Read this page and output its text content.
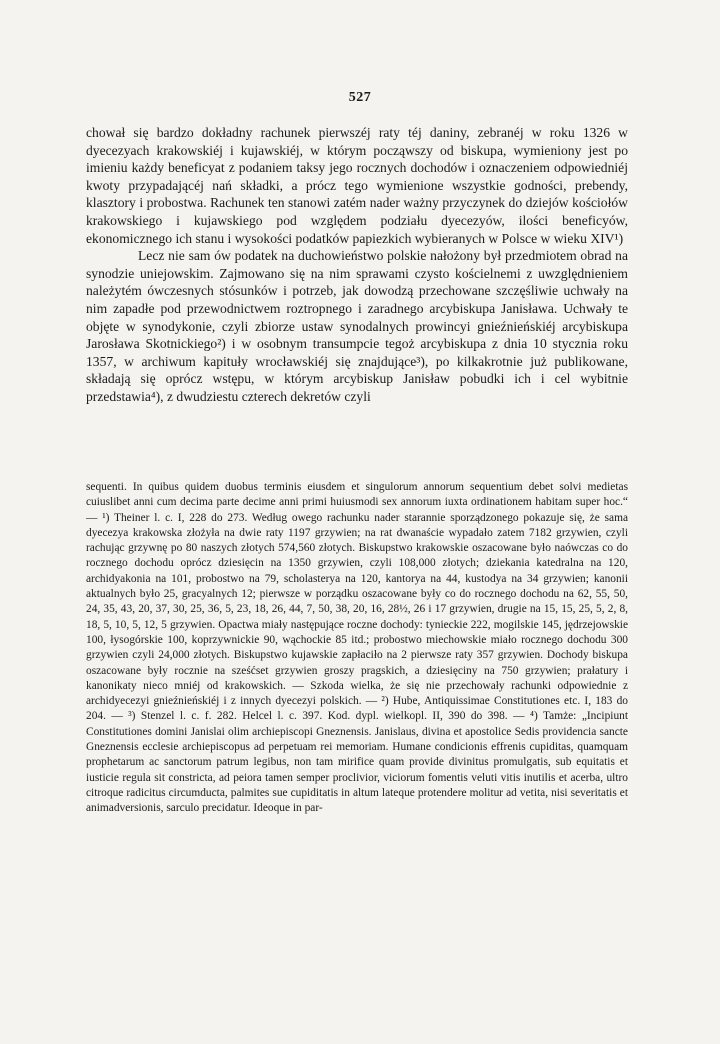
527

chował się bardzo dokładny rachunek pierwszéj raty téj daniny, zebranéj w roku 1326 w dyecezyach krakowskiéj i kujawskiéj, w którym począwszy od biskupa, wymieniony jest po imieniu każdy beneficyat z podaniem taksy jego rocznych dochodów i oznaczeniem odpowiedniéj kwoty przypadającéj nań składki, a prócz tego wymienione wszystkie godności, prebendy, klasztory i probostwa. Rachunek ten stanowi zatém nader ważny przyczynek do dziejów kościołów krakowskiego i kujawskiego pod względem podziału dyecezyów, ilości beneficyów, ekonomicznego ich stanu i wysokości podatków papiezkich wybieranych w Polsce w wieku XIV¹)

Lecz nie sam ów podatek na duchowieństwo polskie nałożony był przedmiotem obrad na synodzie uniejowskim. Zajmowano się na nim sprawami czysto kościelnemi z uwzględnieniem należytém ówczesnych stósunków i potrzeb, jak dowodzą przechowane szczęśliwie uchwały na nim zapadłe pod przewodnictwem roztropnego i zaradnego arcybiskupa Janisława. Uchwały te objęte w synodykonie, czyli zbiorze ustaw synodalnych prowincyi gnieźnieńskiéj arcybiskupa Jarosława Skotnickiego²) i w osobnym transumpcie tegoż arcybiskupa z dnia 10 stycznia roku 1357, w archiwum kapituły wrocławskiéj się znajdujące³), po kilkakrotnie już publikowane, składają się oprócz wstępu, w którym arcybiskup Janisław pobudki ich i cel wybitnie przedstawia⁴), z dwudziestu czterech dekretów czyli

sequenti. In quibus quidem duobus terminis eiusdem et singulorum annorum sequentium debet solvi medietas cuiuslibet anni cum decima parte decime anni primi huiusmodi sex annorum iuxta ordinationem habitam super hoc.“ — ¹) Theiner l. c. I, 228 do 273. Według owego rachunku nader starannie sporządzonego pokazuje się, że sama dyecezya krakowska złożyła na dwie raty 1197 grzywien; na rat dwanaście wypadało zatem 7182 grzywien, czyli rachując grzywnę po 80 naszych złotych 574,560 złotych. Biskupstwo krakowskie oszacowane było naówczas co do rocznego dochodu oprócz dziesięcin na 1350 grzywien, czyli 108,000 złotych; dziekania katedralna na 120, archidyakonia na 101, probostwo na 79, scholasterya na 120, kantorya na 44, kustodya na 34 grzywien; kanonii aktualnych było 25, gracyalnych 12; pierwsze w porządku oszacowane były co do rocznego dochodu na 62, 55, 50, 24, 35, 43, 20, 37, 30, 25, 36, 5, 23, 18, 26, 44, 7, 50, 38, 20, 16, 28½, 26 i 17 grzywien, drugie na 15, 15, 25, 5, 2, 8, 18, 5, 10, 5, 12, 5 grzywien. Opactwa miały następujące roczne dochody: tynieckie 222, mogilskie 145, jędrzejowskie 100, łysogórskie 100, koprzywnickie 90, wąchockie 85 itd.; probostwo miechowskie miało rocznego dochodu 300 grzywien czyli 24,000 złotych. Biskupstwo kujawskie zapłaciło na 2 pierwsze raty 357 grzywien. Dochody biskupa oszacowane były rocznie na sześćset grzywien groszy pragskich, a dziesięciny na 750 grzywien; prałatury i kanonikaty nieco mniéj od krakowskich. — Szkoda wielka, że się nie przechowały rachunki odpowiednie z archidyecezyi gnieźnieńskiéj i z innych dyecezyi polskich. — ²) Hube, Antiquissimae Constitutiones etc. I, 183 do 204. — ³) Stenzel l. c. f. 282. Helcel l. c. 397. Kod. dypl. wielkopl. II, 390 do 398. — ⁴) Tamże: „Incipiunt Constitutiones domini Janislai olim archiepiscopi Gneznensis. Janislaus, divina et apostolice Sedis providencia sancte Gneznensis ecclesie archiepiscopus ad perpetuam rei memoriam. Humane condicionis effrenis cupiditas, quamquam prophetarum ac sanctorum patrum legibus, non tam mirifice quam provide divinitus promulgatis, sub equitatis et iusticie regula sit constricta, ad peiora tamen semper proclivior, viciorum fomentis veluti vitis inutilis et acerba, ultro citroque radicitus circumducta, palmites sue cupiditatis in altum lateque protendere molitur ad vetita, nisi severitatis et animadversionis, sarculo precidatur. Ideoque in par-
